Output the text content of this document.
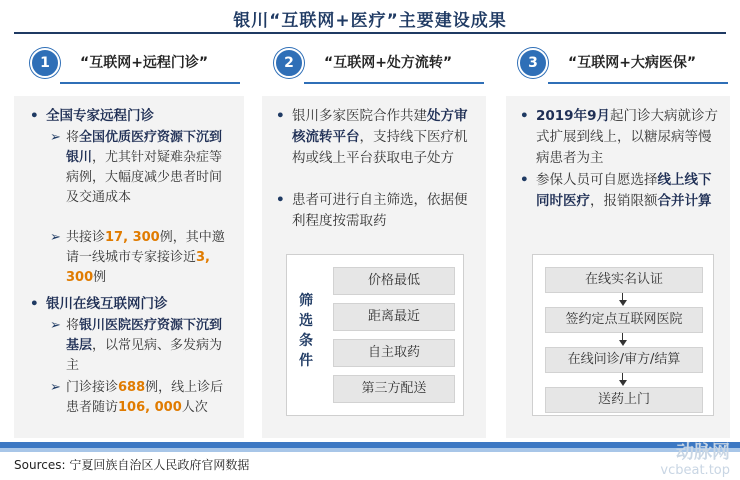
银川“互联网+医疗”主要建设成果
1	“互联网+远程门诊”	2	“互联网+处方流转”	3	“互联网+大病医保”
• 全国专家远程门诊
➢ 将全国优质医疗资源下沉到银川，尤其针对疑难杂症等病例，大幅度减少患者时间及交通成本
➢ 共接诊17, 300例，其中邀请一线城市专家接诊近3, 300例
• 银川在线互联网门诊
➢ 将银川医院医疗资源下沉到基层，以常见病、多发病为主
➢ 门诊接诊688例，线上诊后患者随访106, 000人次
• 银川多家医院合作共建处方审核流转平台，支持线下医疗机构或线上平台获取电子处方
• 患者可进行自主筛选，依据便利程度按需取药
筛选条件
价格最低
距离最近
自主取药
第三方配送
• 2019年9月起门诊大病就诊方式扩展到线上，以糖尿病等慢病患者为主
• 参保人员可自愿选择线上线下同时医疗，报销限额合并计算
在线实名认证
签约定点互联网医院
在线问诊/审方/结算
送药上门
Sources: 宁夏回族自治区人民政府官网数据
动脉网
vcbeat.top
